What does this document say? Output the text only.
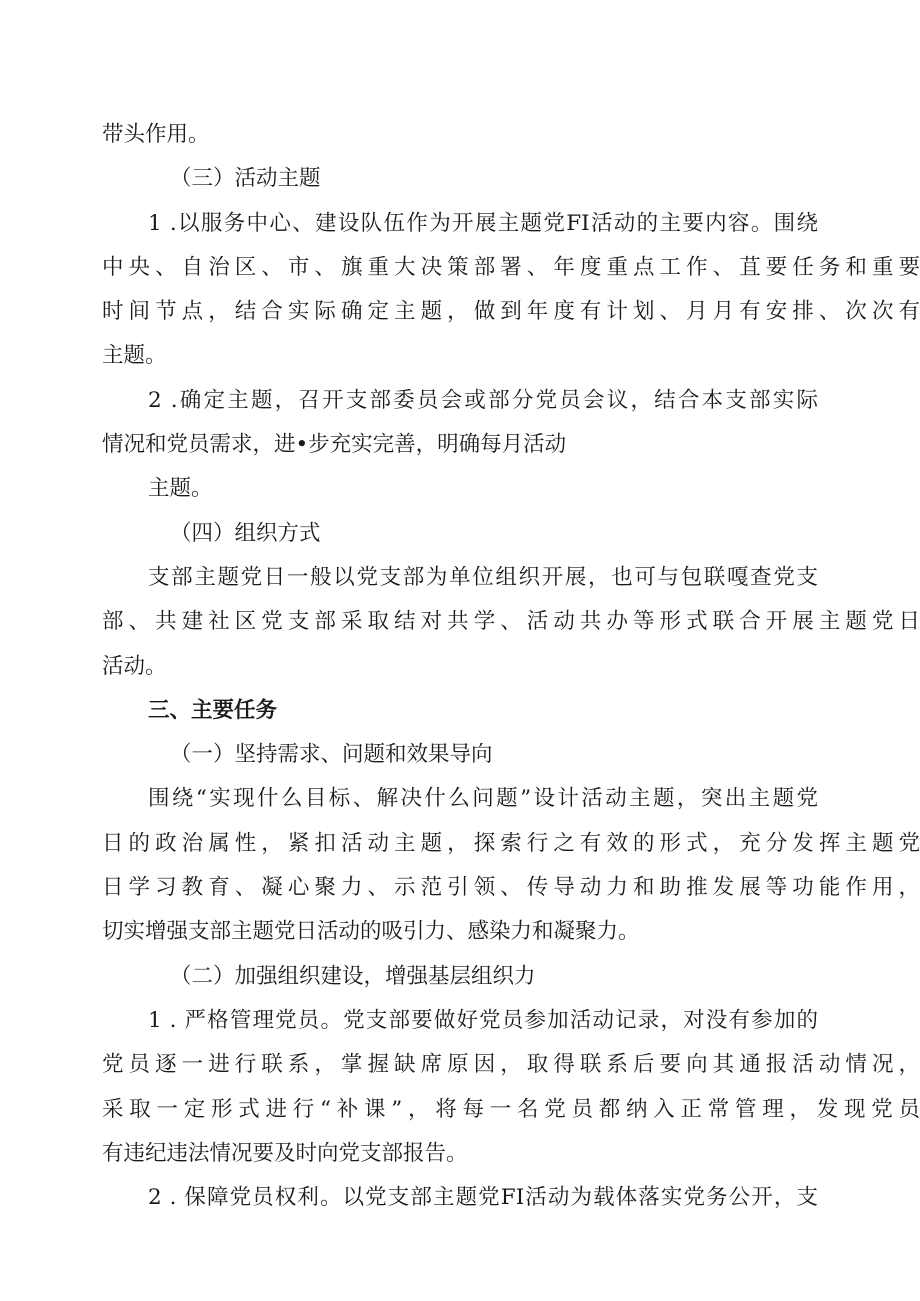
带头作用。
（三）活动主题
1 .以服务中心、建设队伍作为开展主题党FI活动的主要内容。围绕
中央、自治区、市、旗重大决策部署、年度重点工作、苴要任务和重要
时间节点，结合实际确定主题，做到年度有计划、月月有安排、次次有
主题。
2 .确定主题，召开支部委员会或部分党员会议，结合本支部实际
情况和党员需求，进•步充实完善，明确每月活动
主题。
（四）组织方式
支部主题党日一般以党支部为单位组织开展，也可与包联嘎查党支
部、共建社区党支部采取结对共学、活动共办等形式联合开展主题党日
活动。
三、主要任务
（一）坚持需求、问题和效果导向
围绕“实现什么目标、解决什么问题”设计活动主题，突出主题党
日的政治属性，紧扣活动主题，探索行之有效的形式，充分发挥主题党
日学习教育、凝心聚力、示范引领、传导动力和助推发展等功能作用，
切实增强支部主题党日活动的吸引力、感染力和凝聚力。
（二）加强组织建设，增强基层组织力
1 . 严格管理党员。党支部要做好党员参加活动记录，对没有参加的
党员逐一进行联系，掌握缺席原因，取得联系后要向其通报活动情况，
采取一定形式进行“补课”，将每一名党员都纳入正常管理，发现党员
有违纪违法情况要及时向党支部报告。
2 . 保障党员权利。以党支部主题党FI活动为载体落实党务公开，支
